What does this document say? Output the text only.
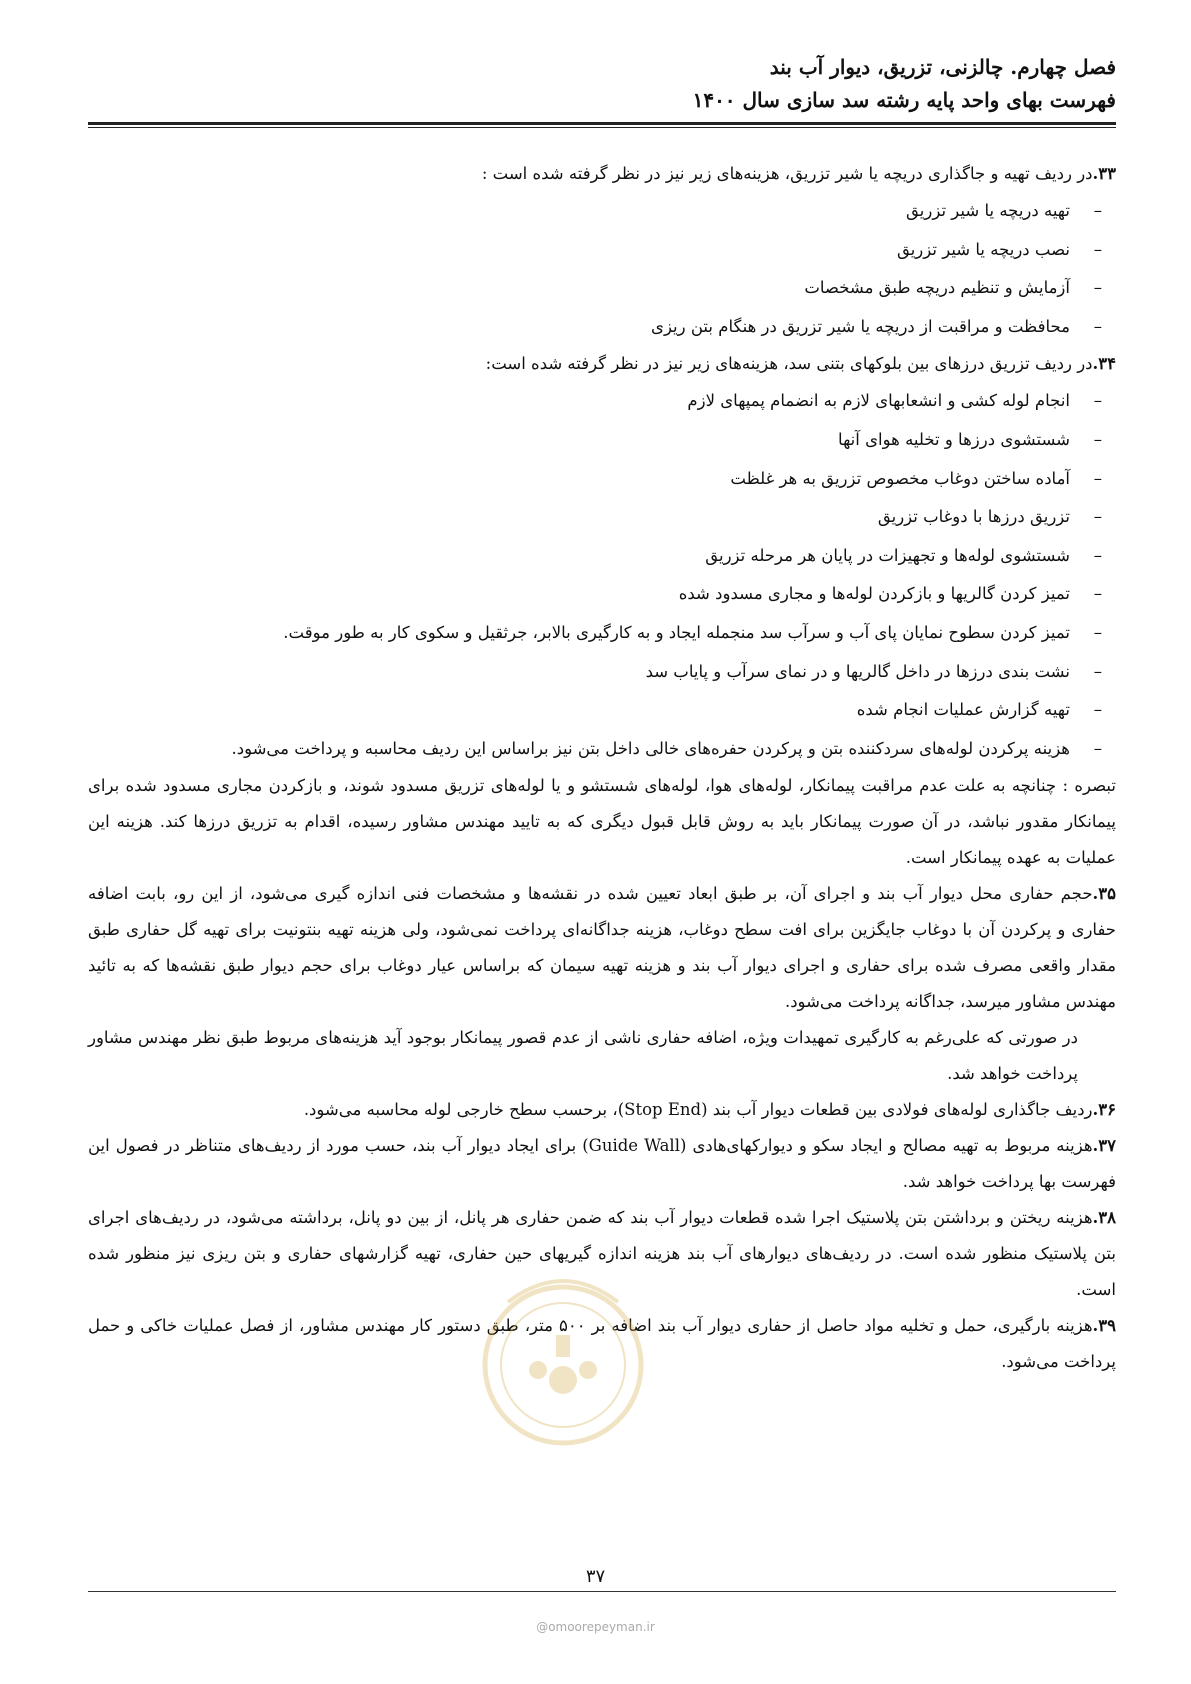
فصل چهارم. چالزنی، تزریق، دیوار آب بند
فهرست بهای واحد پایه رشته سد سازی سال ۱۴۰۰
۳۳.در ردیف تهیه و جاگذاری دریچه یا شیر تزریق، هزینه‌های زیر نیز در نظر گرفته شده است :
–
تهیه دریچه یا شیر تزریق
–
نصب دریچه یا شیر تزریق
–
آزمایش و تنظیم دریچه طبق مشخصات
–
محافظت و مراقبت از دریچه یا شیر تزریق در هنگام بتن ریزی
۳۴.در ردیف تزریق درزهای بین بلوکهای بتنی سد، هزینه‌های زیر نیز در نظر گرفته شده است:
–
انجام لوله کشی و انشعابهای لازم به انضمام پمپهای لازم
–
شستشوی درزها و تخلیه هوای آنها
–
آماده ساختن دوغاب مخصوص تزریق به هر غلظت
–
تزریق درزها با دوغاب تزریق
–
شستشوی لوله‌ها و تجهیزات در پایان هر مرحله تزریق
–
تمیز کردن گالریها و بازکردن لوله‌ها و مجاری مسدود شده
–
تمیز کردن سطوح نمایان پای آب و سرآب سد منجمله ایجاد و به کارگیری بالابر، جرثقیل و سکوی کار به طور موقت.
–
نشت بندی درزها در داخل گالریها و در نمای سرآب و پایاب سد
–
تهیه گزارش عملیات انجام شده
–
هزینه پرکردن لوله‌های سردکننده بتن و پرکردن حفره‌های خالی داخل بتن نیز براساس این ردیف محاسبه و پرداخت می‌شود.
تبصره : چنانچه به علت عدم مراقبت پیمانکار، لوله‌های هوا، لوله‌های شستشو و یا لوله‌های تزریق مسدود شوند، و بازکردن مجاری مسدود شده برای پیمانکار مقدور نباشد، در آن صورت پیمانکار باید به روش قابل قبول دیگری که به تایید مهندس مشاور رسیده، اقدام به تزریق درزها کند. هزینه این عملیات به عهده پیمانکار است.
۳۵.حجم حفاری محل دیوار آب بند و اجرای آن، بر طبق ابعاد تعیین شده در نقشه‌ها و مشخصات فنی اندازه گیری می‌شود، از این رو، بابت اضافه حفاری و پرکردن آن با دوغاب جایگزین برای افت سطح دوغاب، هزینه جداگانه‌ای پرداخت نمی‌شود، ولی هزینه تهیه بنتونیت برای تهیه گل حفاری طبق مقدار واقعی مصرف شده برای حفاری و اجرای دیوار آب بند و هزینه تهیه سیمان که براساس عیار دوغاب برای حجم دیوار طبق نقشه‌ها که به تائید مهندس مشاور میرسد، جداگانه پرداخت می‌شود.
در صورتی که علی‌رغم به کارگیری تمهیدات ویژه، اضافه حفاری ناشی از عدم قصور پیمانکار بوجود آید هزینه‌های مربوط طبق نظر مهندس مشاور پرداخت خواهد شد.
۳۶.ردیف جاگذاری لوله‌های فولادی بین قطعات دیوار آب بند (Stop End)، برحسب سطح خارجی لوله محاسبه می‌شود.
۳۷.هزینه مربوط به تهیه مصالح و ایجاد سکو و دیوارکهای‌هادی (Guide Wall) برای ایجاد دیوار آب بند، حسب مورد از ردیف‌های متناظر در فصول این فهرست بها پرداخت خواهد شد.
۳۸.هزینه ریختن و برداشتن بتن پلاستیک اجرا شده قطعات دیوار آب بند که ضمن حفاری هر پانل، از بین دو پانل، برداشته می‌شود، در ردیف‌های اجرای بتن پلاستیک منظور شده است. در ردیف‌های دیوارهای آب بند هزینه اندازه گیریهای حین حفاری، تهیه گزارشهای حفاری و بتن ریزی نیز منظور شده است.
۳۹.هزینه بارگیری، حمل و تخلیه مواد حاصل از حفاری دیوار آب بند اضافه بر ۵۰۰ متر، طبق دستور کار مهندس مشاور، از فصل عملیات خاکی و حمل پرداخت می‌شود.
۳۷
@omoorepeyman.ir
